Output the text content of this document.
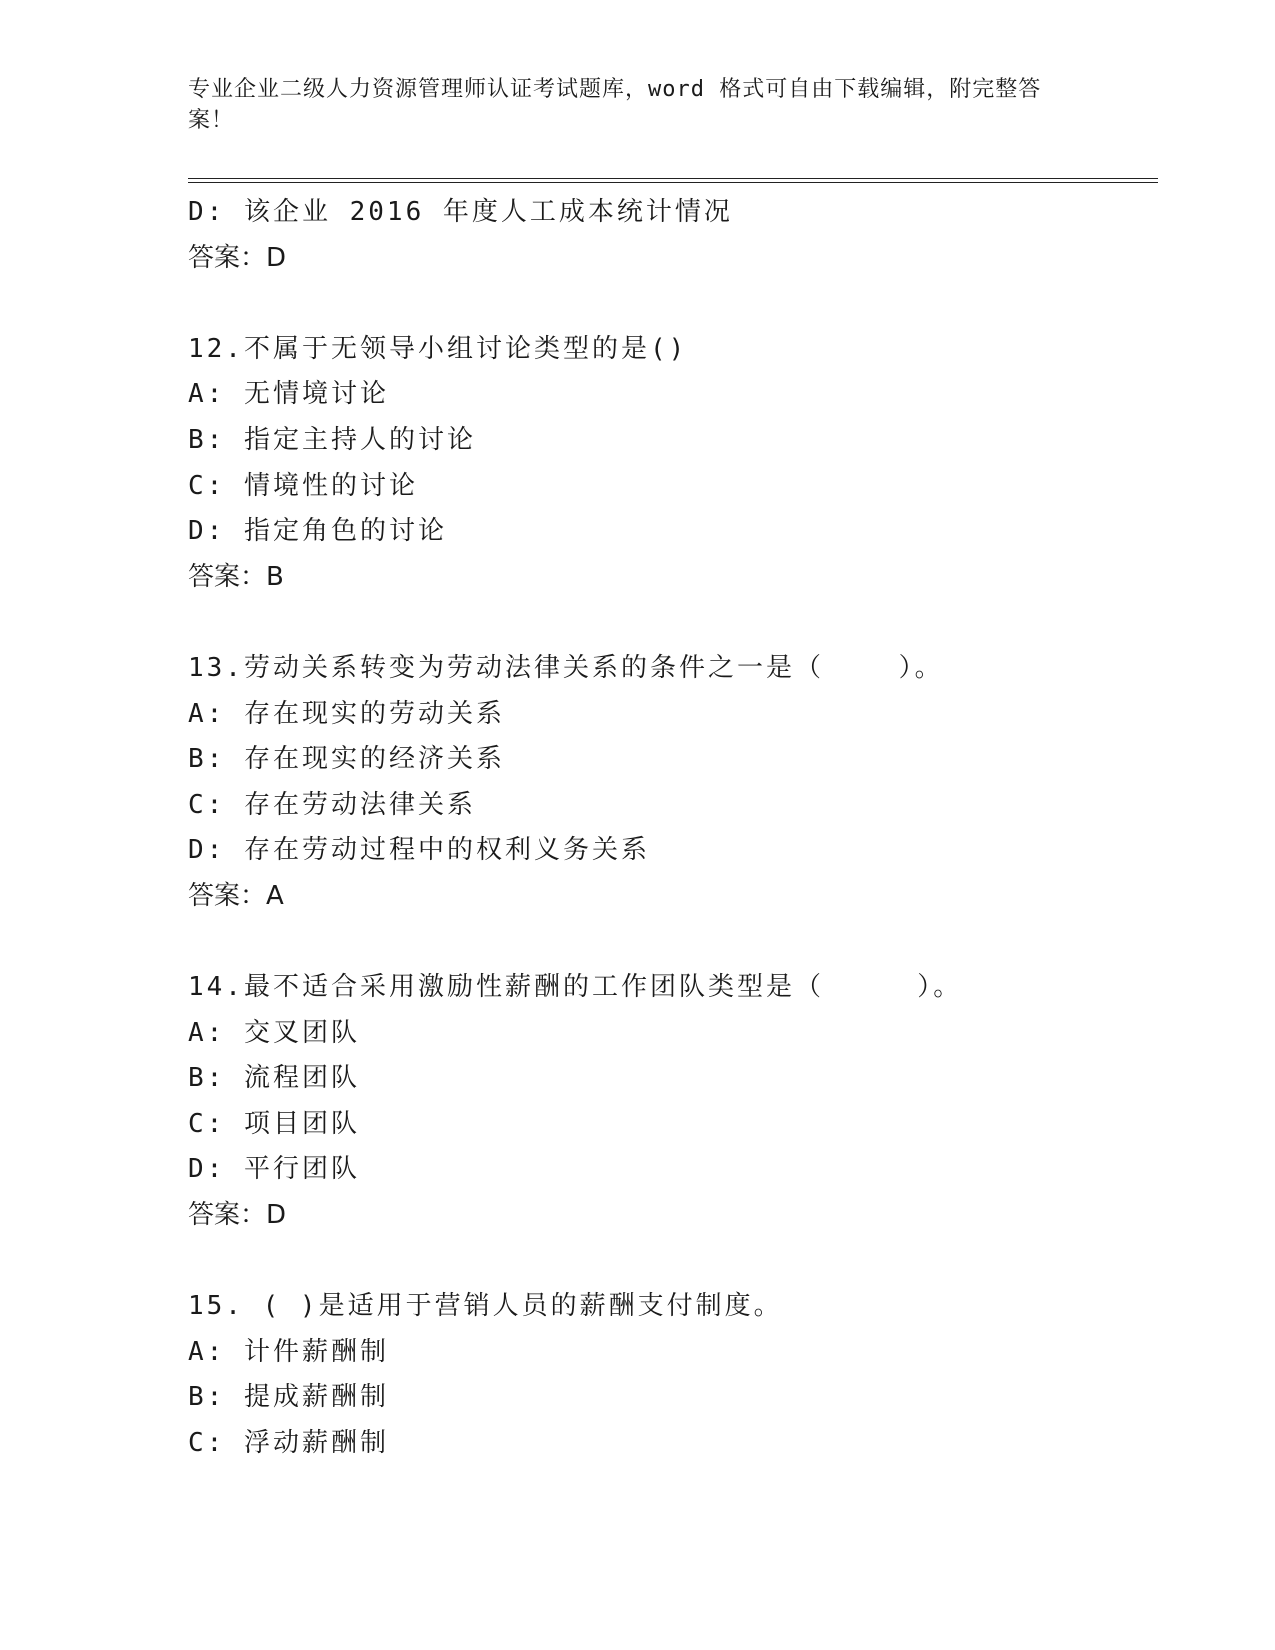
专业企业二级人力资源管理师认证考试题库，word 格式可自由下载编辑，附完整答案！
D: 该企业 2016 年度人工成本统计情况
答案：D
12.不属于无领导小组讨论类型的是()
A: 无情境讨论
B: 指定主持人的讨论
C: 情境性的讨论
D: 指定角色的讨论
答案：B
13.劳动关系转变为劳动法律关系的条件之一是（    ）。
A: 存在现实的劳动关系
B: 存在现实的经济关系
C: 存在劳动法律关系
D: 存在劳动过程中的权利义务关系
答案：A
14.最不适合采用激励性薪酬的工作团队类型是（     ）。
A: 交叉团队
B: 流程团队
C: 项目团队
D: 平行团队
答案：D
15. ( )是适用于营销人员的薪酬支付制度。
A: 计件薪酬制
B: 提成薪酬制
C: 浮动薪酬制
